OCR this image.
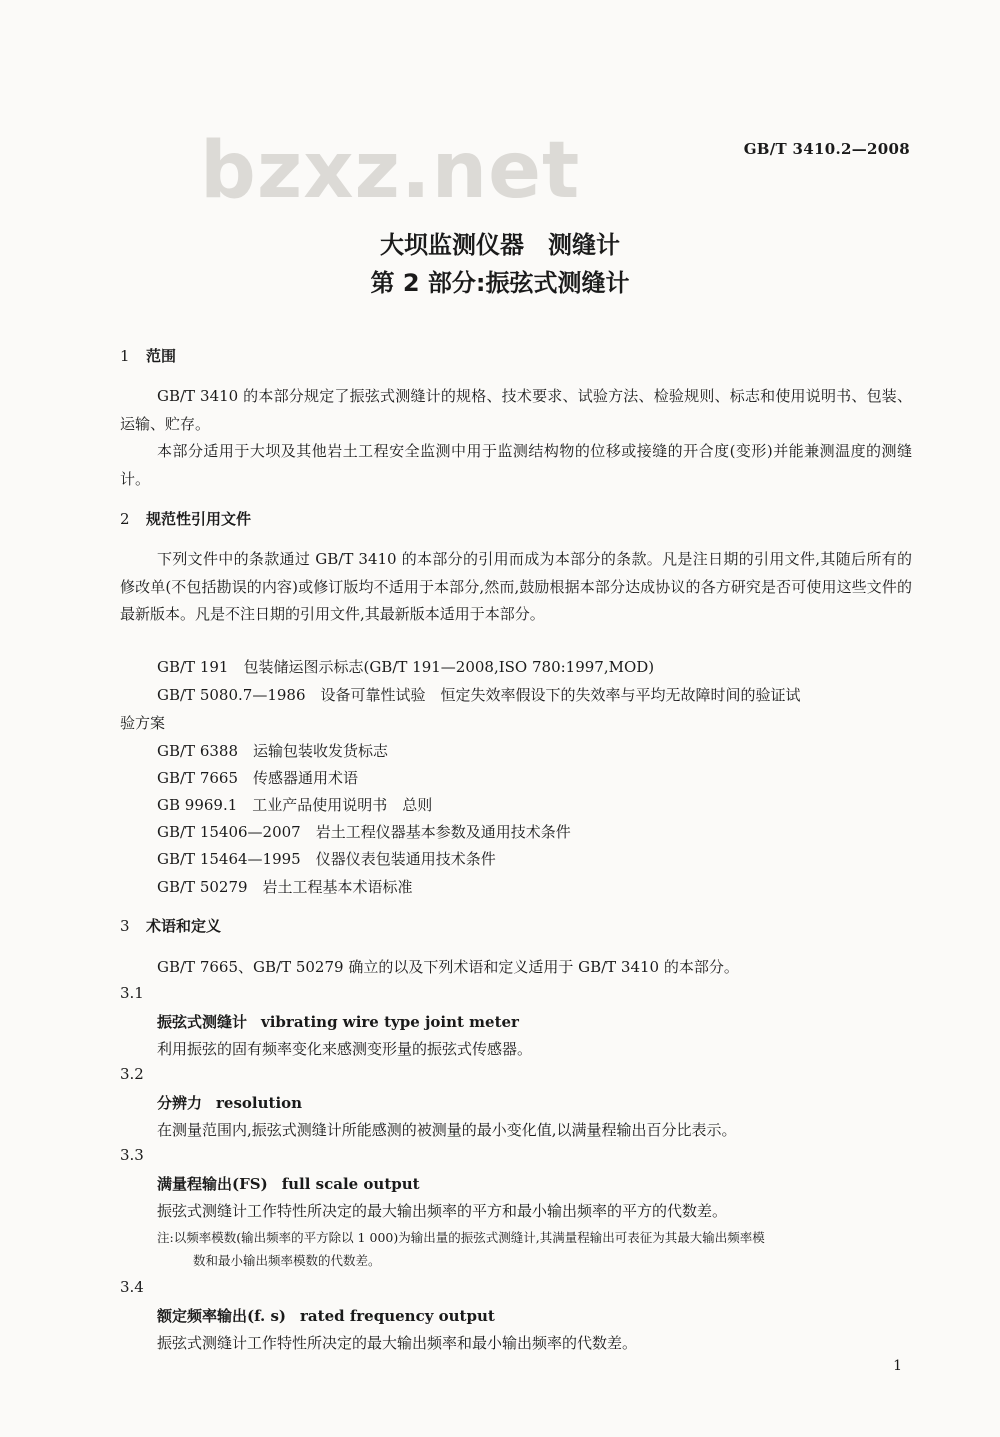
bzxz.net	GB/T 3410.2—2008
大坝监测仪器　测缝计
第 2 部分:振弦式测缝计
1 范围
GB/T 3410 的本部分规定了振弦式测缝计的规格、技术要求、试验方法、检验规则、标志和使用说明书、包装、运输、贮存。
本部分适用于大坝及其他岩土工程安全监测中用于监测结构物的位移或接缝的开合度(变形)并能兼测温度的测缝计。
2 规范性引用文件
下列文件中的条款通过 GB/T 3410 的本部分的引用而成为本部分的条款。凡是注日期的引用文件,其随后所有的修改单(不包括勘误的内容)或修订版均不适用于本部分,然而,鼓励根据本部分达成协议的各方研究是否可使用这些文件的最新版本。凡是不注日期的引用文件,其最新版本适用于本部分。
GB/T 191　包装储运图示标志(GB/T 191—2008,ISO 780:1997,MOD)
GB/T 5080.7—1986　设备可靠性试验　恒定失效率假设下的失效率与平均无故障时间的验证试
验方案
GB/T 6388　运输包装收发货标志
GB/T 7665　传感器通用术语
GB 9969.1　工业产品使用说明书　总则
GB/T 15406—2007　岩土工程仪器基本参数及通用技术条件
GB/T 15464—1995　仪器仪表包装通用技术条件
GB/T 50279　岩土工程基本术语标准
3 术语和定义
GB/T 7665、GB/T 50279 确立的以及下列术语和定义适用于 GB/T 3410 的本部分。
3.1
振弦式测缝计 vibrating wire type joint meter
利用振弦的固有频率变化来感测变形量的振弦式传感器。
3.2
分辨力 resolution
在测量范围内,振弦式测缝计所能感测的被测量的最小变化值,以满量程输出百分比表示。
3.3
满量程输出(FS) full scale output
振弦式测缝计工作特性所决定的最大输出频率的平方和最小输出频率的平方的代数差。
注:以频率模数(输出频率的平方除以 1 000)为输出量的振弦式测缝计,其满量程输出可表征为其最大输出频率模
数和最小输出频率模数的代数差。
3.4
额定频率输出(f. s) rated frequency output
振弦式测缝计工作特性所决定的最大输出频率和最小输出频率的代数差。
1
